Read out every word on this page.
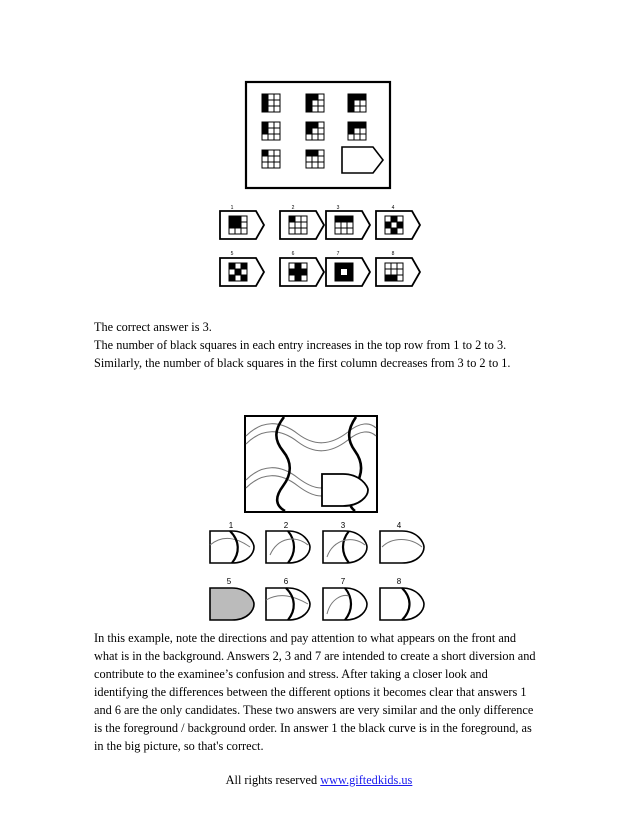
1	2	3	4
5	6	7	8

The correct answer is 3.

The number of black squares in each entry increases in the top row from 1 to 2 to 3.

Similarly, the number of black squares in the first column decreases from 3 to 2 to 1.

1	2	3	4
5	6	7	8

In this example, note the directions and pay attention to what appears on the front and

what is in the background. Answers 2, 3 and 7 are intended to create a short diversion and

contribute to the examinee’s confusion and stress. After taking a closer look and

identifying the differences between the different options it becomes clear that answers 1

and 6 are the only candidates. These two answers are very similar and the only difference

is the foreground / background order. In answer 1 the black curve is in the foreground, as

in the big picture, so that's correct.

All rights reserved www.giftedkids.us
